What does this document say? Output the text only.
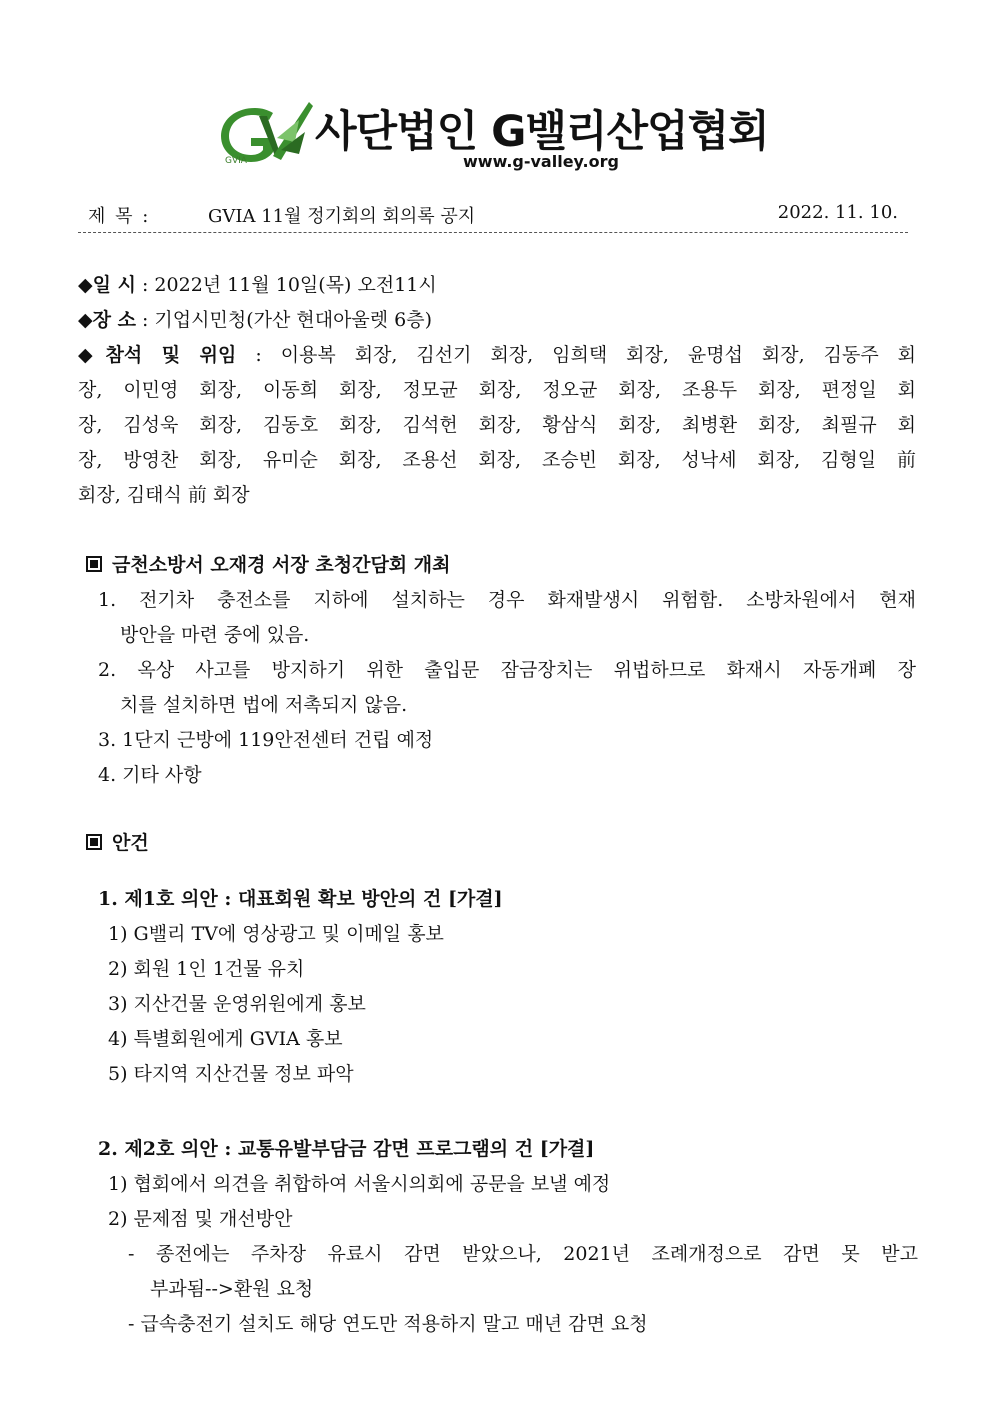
GVIA
사단법인 G밸리산업협회
www.g-valley.org
제 목 :	GVIA 11월 정기회의 회의록 공지	2022. 11. 10.
◆일 시 : 2022년 11월 10일(목) 오전11시
◆장 소 : 기업시민청(가산 현대아울렛 6층)
◆참석 및 위임 : 이용복 회장, 김선기 회장, 임희택 회장, 윤명섭 회장, 김동주 회
장, 이민영 회장, 이동희 회장, 정모균 회장, 정오균 회장, 조용두 회장, 편정일 회
장, 김성욱 회장, 김동호 회장, 김석헌 회장, 황삼식 회장, 최병환 회장, 최필규 회
장, 방영찬 회장, 유미순 회장, 조용선 회장, 조승빈 회장, 성낙세 회장, 김형일 前
회장, 김태식 前 회장
금천소방서 오재경 서장 초청간담회 개최
1. 전기차 충전소를 지하에 설치하는 경우 화재발생시 위험함. 소방차원에서 현재
방안을 마련 중에 있음.
2. 옥상 사고를 방지하기 위한 출입문 잠금장치는 위법하므로 화재시 자동개폐 장
치를 설치하면 법에 저촉되지 않음.
3. 1단지 근방에 119안전센터 건립 예정
4. 기타 사항
안건
1. 제1호 의안 : 대표회원 확보 방안의 건 [가결]
1) G밸리 TV에 영상광고 및 이메일 홍보
2) 회원 1인 1건물 유치
3) 지산건물 운영위원에게 홍보
4) 특별회원에게 GVIA 홍보
5) 타지역 지산건물 정보 파악
2. 제2호 의안 : 교통유발부담금 감면 프로그램의 건 [가결]
1) 협회에서 의견을 취합하여 서울시의회에 공문을 보낼 예정
2) 문제점 및 개선방안
- 종전에는 주차장 유료시 감면 받았으나, 2021년 조례개정으로 감면 못 받고
부과됨-->환원 요청
- 급속충전기 설치도 해당 연도만 적용하지 말고 매년 감면 요청
